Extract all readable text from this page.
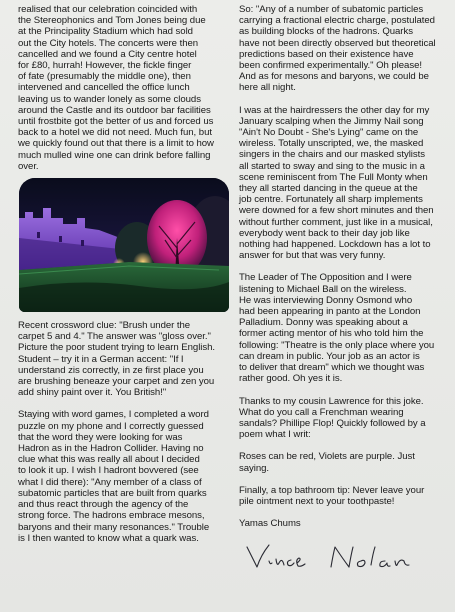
realised that our celebration coincided with
the Stereophonics and Tom Jones being due
at the Principality Stadium which had sold
out the City hotels. The concerts were then
cancelled and we found a City centre hotel
for £80, hurrah! However, the fickle finger
of fate (presumably the middle one), then
intervened and cancelled the office lunch
leaving us to wander lonely as some clouds
around the Castle and its outdoor bar facilities
until frostbite got the better of us and forced us
back to a hotel we did not need. Much fun, but
we quickly found out that there is a limit to how
much mulled wine one can drink before falling
over.

Recent crossword clue: "Brush under the
carpet 5 and 4." The answer was "gloss over."
Picture the poor student trying to learn English.
Student – try it in a German accent: "If I
understand zis correctly, in ze first place you
are brushing beneaze your carpet and zen you
add shiny paint over it. You British!"

Staying with word games, I completed a word
puzzle on my phone and I correctly guessed
that the word they were looking for was
Hadron as in the Hadron Collider. Having no
clue what this was really all about I decided
to look it up. I wish I hadront bovvered (see
what I did there): "Any member of a class of
subatomic particles that are built from quarks
and thus react through the agency of the
strong force. The hadrons embrace mesons,
baryons and their many resonances." Trouble
is I then wanted to know what a quark was.

So: "Any of a number of subatomic particles
carrying a fractional electric charge, postulated
as building blocks of the hadrons. Quarks
have not been directly observed but theoretical
predictions based on their existence have
been confirmed experimentally." Oh please!
And as for mesons and baryons, we could be
here all night.

I was at the hairdressers the other day for my
January scalping when the Jimmy Nail song
"Ain't No Doubt - She's Lying" came on the
wireless. Totally unscripted, we, the masked
singers in the chairs and our masked stylists
all started to sway and sing to the music in a
scene reminiscent from The Full Monty when
they all started dancing in the queue at the
job centre. Fortunately all sharp implements
were downed for a few short minutes and then
without further comment, just like in a musical,
everybody went back to their day job like
nothing had happened. Lockdown has a lot to
answer for but that was very funny.

The Leader of The Opposition and I were
listening to Michael Ball on the wireless.
He was interviewing Donny Osmond who
had been appearing in panto at the London
Palladium. Donny was speaking about a
former acting mentor of his who told him the
following: "Theatre is the only place where you
can dream in public. Your job as an actor is
to deliver that dream" which we thought was
rather good. Oh yes it is.

Thanks to my cousin Lawrence for this joke.
What do you call a Frenchman wearing
sandals? Phillipe Flop! Quickly followed by a
poem what I writ:

Roses can be red, Violets are purple. Just
saying.

Finally, a top bathroom tip: Never leave your
pile ointment next to your toothpaste!

Yamas Chums
